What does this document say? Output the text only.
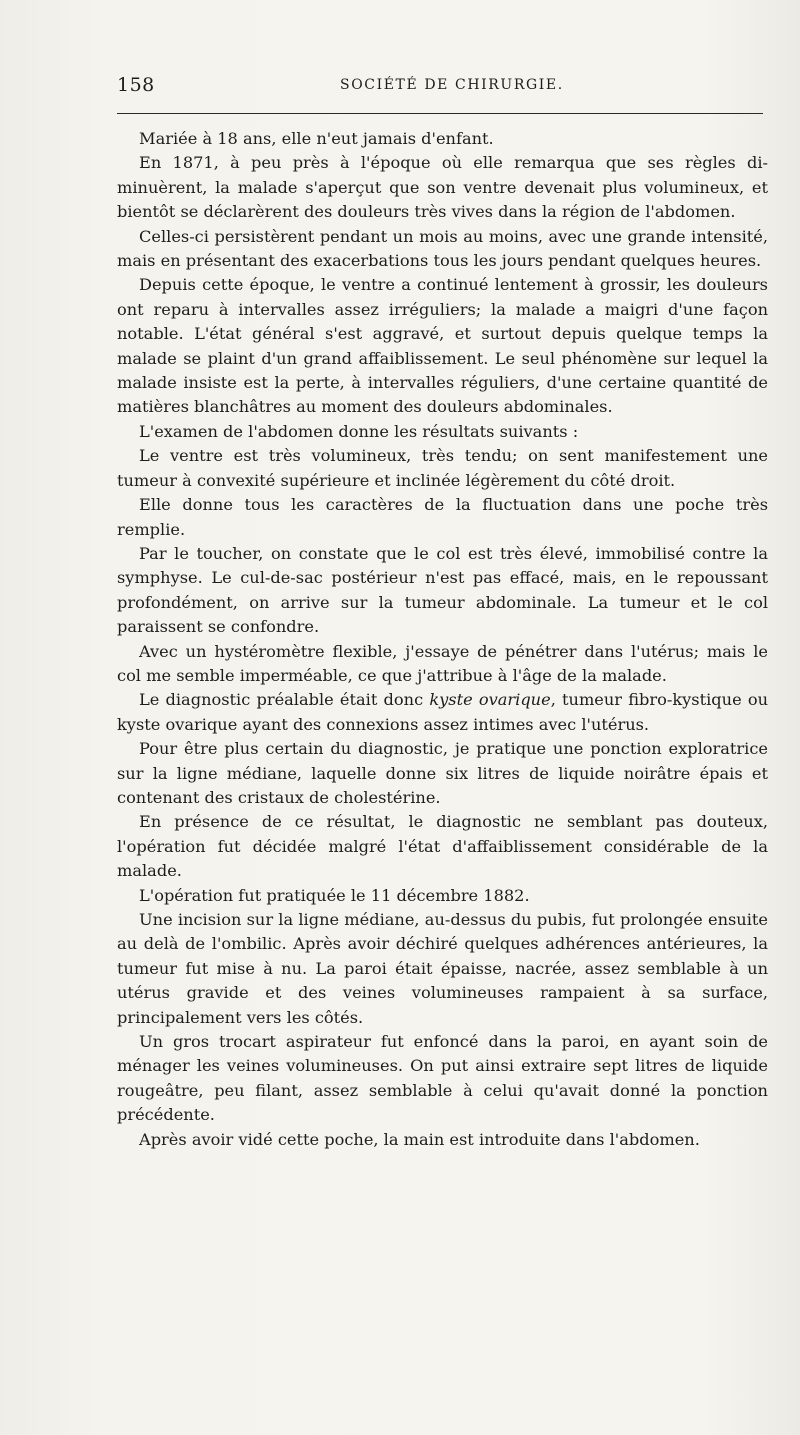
158	SOCIÉTÉ DE CHIRURGIE.

Mariée à 18 ans, elle n'eut jamais d'enfant.

En 1871, à peu près à l'époque où elle remarqua que ses règles diminuèrent, la malade s'aperçut que son ventre devenait plus volumineux, et bientôt se déclarèrent des douleurs très vives dans la région de l'abdomen.

Celles-ci persistèrent pendant un mois au moins, avec une grande intensité, mais en présentant des exacerbations tous les jours pendant quelques heures.

Depuis cette époque, le ventre a continué lentement à grossir, les douleurs ont reparu à intervalles assez irréguliers; la malade a maigri d'une façon notable. L'état général s'est aggravé, et surtout depuis quelque temps la malade se plaint d'un grand affaiblissement. Le seul phénomène sur lequel la malade insiste est la perte, à intervalles réguliers, d'une certaine quantité de matières blanchâtres au moment des douleurs abdominales.

L'examen de l'abdomen donne les résultats suivants :

Le ventre est très volumineux, très tendu; on sent manifestement une tumeur à convexité supérieure et inclinée légèrement du côté droit.

Elle donne tous les caractères de la fluctuation dans une poche très remplie.

Par le toucher, on constate que le col est très élevé, immobilisé contre la symphyse. Le cul-de-sac postérieur n'est pas effacé, mais, en le repoussant profondément, on arrive sur la tumeur abdominale. La tumeur et le col paraissent se confondre.

Avec un hystéromètre flexible, j'essaye de pénétrer dans l'utérus; mais le col me semble imperméable, ce que j'attribue à l'âge de la malade.

Le diagnostic préalable était donc kyste ovarique, tumeur fibro-kystique ou kyste ovarique ayant des connexions assez intimes avec l'utérus.

Pour être plus certain du diagnostic, je pratique une ponction exploratrice sur la ligne médiane, laquelle donne six litres de liquide noirâtre épais et contenant des cristaux de cholestérine.

En présence de ce résultat, le diagnostic ne semblant pas douteux, l'opération fut décidée malgré l'état d'affaiblissement considérable de la malade.

L'opération fut pratiquée le 11 décembre 1882.

Une incision sur la ligne médiane, au-dessus du pubis, fut prolongée ensuite au delà de l'ombilic. Après avoir déchiré quelques adhérences antérieures, la tumeur fut mise à nu. La paroi était épaisse, nacrée, assez semblable à un utérus gravide et des veines volumineuses rampaient à sa surface, principalement vers les côtés.

Un gros trocart aspirateur fut enfoncé dans la paroi, en ayant soin de ménager les veines volumineuses. On put ainsi extraire sept litres de liquide rougeâtre, peu filant, assez semblable à celui qu'avait donné la ponction précédente.

Après avoir vidé cette poche, la main est introduite dans l'abdomen.
